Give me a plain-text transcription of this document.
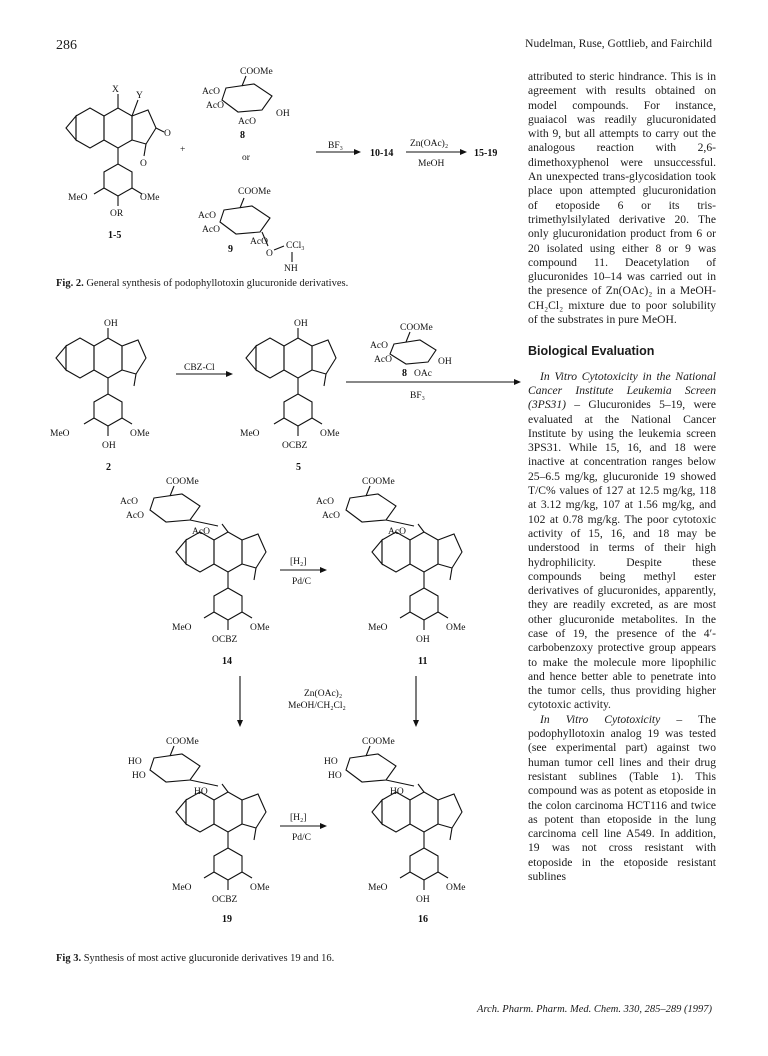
286	Nudelman, Ruse, Gottlieb, and Fairchild
X
Y
O
O
MeO	OMe
OR
1-5
+
COOMe
AcO
AcO
AcO
OH
8
or
COOMe
AcO
AcO
AcO
9	O
CCl₃
NH
BF₃
10-14
Zn(OAc)₂
MeOH
15-19
Fig. 2. General synthesis of podophyllotoxin glucuronide derivatives.
OH
MeO	OMe
OH
2
CBZ-Cl
OH
MeO	OMe
OCBZ
5
COOMe
AcO
AcO	OH
8 OAc
BF₃
COOMe
AcO
AcO
AcO
MeO	OMe
OCBZ
14
[H₂]
Pd/C
COOMe
AcO
AcO
AcO
MeO	OMe
OH
11
Zn(OAc)₂
MeOH/CH₂Cl₂
COOMe
HO
HO
HO
MeO	OMe
OCBZ
19
[H₂]
Pd/C
COOMe
HO
HO
HO
MeO	OMe
OH
16
Fig 3. Synthesis of most active glucuronide derivatives 19 and 16.

attributed to steric hindrance. This is in agreement with results obtained on model compounds. For instance, guaiacol was readily glucuronidated with 9, but all attempts to carry out the analogous reaction with 2,6-dimethoxyphenol were unsuccessful. An unexpected trans-glycosidation took place upon attempted glucuronidation of etoposide 6 or its tris-trimethylsilylated derivative 20. The only glucuronidation product from 6 or 20 isolated using either 8 or 9 was compound 11. Deacetylation of glucuronides 10–14 was carried out in the presence of Zn(OAc)₂ in a MeOH-CH₂Cl₂ mixture due to poor solubility of the substrates in pure MeOH.

Biological Evaluation

In Vitro Cytotoxicity in the National Cancer Institute Leukemia Screen (3PS31) – Glucuronides 5–19, were evaluated at the National Cancer Institute by using the leukemia screen 3PS31. While 15, 16, and 18 were inactive at concentration ranges below 25–6.5 mg/kg, glucuronide 19 showed T/C% values of 127 at 12.5 mg/kg, 118 at 3.12 mg/kg, 107 at 1.56 mg/kg, and 102 at 0.78 mg/kg. The poor cytotoxic activity of 15, 16, and 18 may be understood in terms of their high hydrophilicity. Despite these compounds being methyl ester derivatives of glucuronides, apparently, they are readily excreted, as are most other glucuronide metabolites. In the case of 19, the presence of the 4′-carbobenzoxy protective group appears to make the molecule more lipophilic and hence better able to penetrate into the tumor cells, thus providing higher cytotoxic activity.

In Vitro Cytotoxicity – The podophyllotoxin analog 19 was tested (see experimental part) against two human tumor cell lines and their drug resistant sublines (Table 1). This compound was as potent as etoposide in the colon carcinoma HCT116 and twice as potent than etoposide in the lung carcinoma cell line A549. In addition, 19 was not cross resistant with etoposide in the etoposide resistant sublines

Arch. Pharm. Pharm. Med. Chem. 330, 285–289 (1997)
